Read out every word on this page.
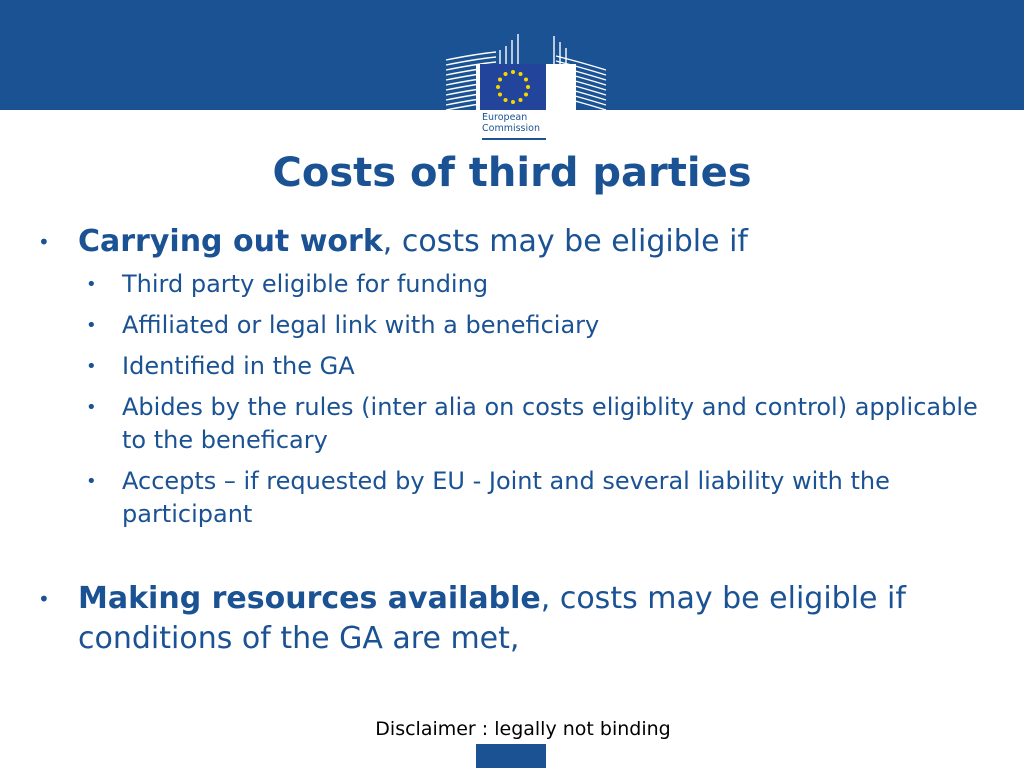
European
Commission
Costs of third parties
• Carrying out work, costs may be eligible if
• Third party eligible for funding
• Affiliated or legal link with a beneficiary
• Identified in the GA
• Abides by the rules (inter alia on costs eligiblity and control) applicable to the beneficary
• Accepts – if requested by EU - Joint and several liability with the participant
• Making resources available, costs may be eligible if conditions of the GA are met,
Disclaimer : legally not binding
